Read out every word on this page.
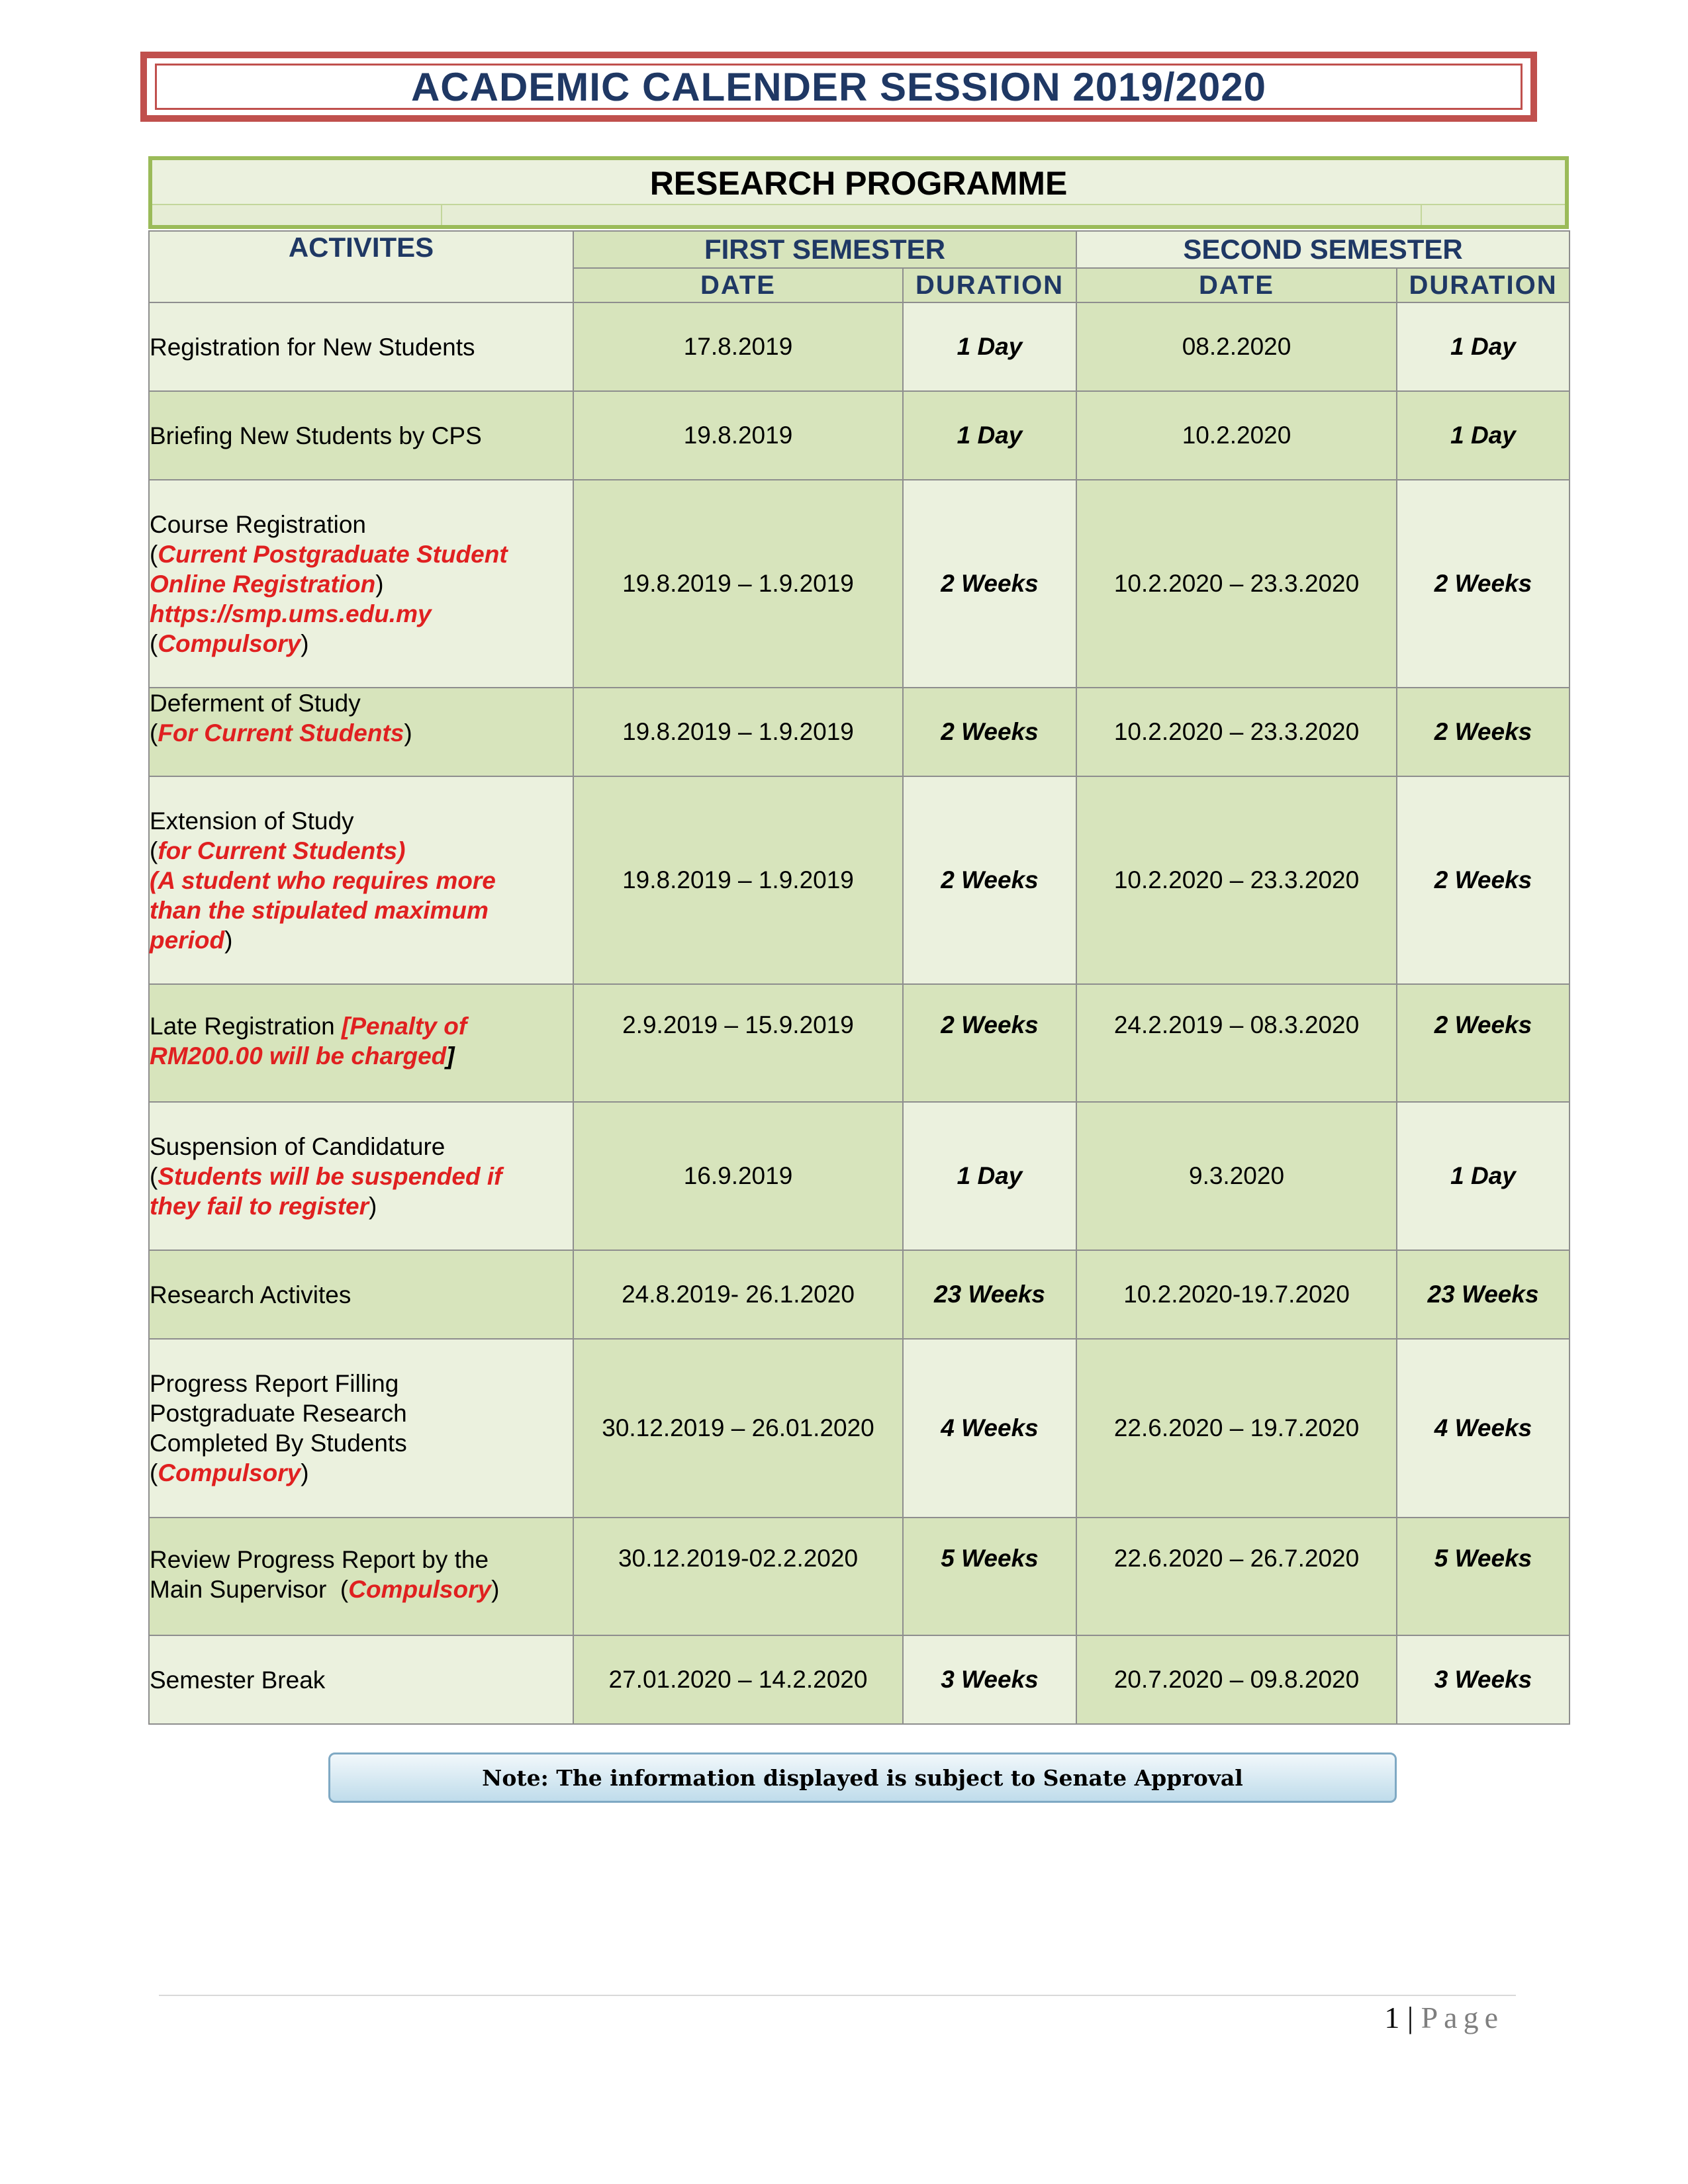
ACADEMIC CALENDER SESSION 2019/2020
RESEARCH PROGRAMME
ACTIVITES	FIRST SEMESTER		SECOND SEMESTER	
	DATE	DURATION	DATE	DURATION
Registration for New Students	17.8.2019	1 Day	08.2.2020	1 Day
Briefing New Students by CPS	19.8.2019	1 Day	10.2.2020	1 Day

Course Registration
(Current Postgraduate Student
Online Registration)
https://smp.ums.edu.my
(Compulsory)	19.8.2019 – 1.9.2019	2 Weeks	10.2.2020 – 23.3.2020	2 Weeks

Deferment of Study
(For Current Students)	19.8.2019 – 1.9.2019	2 Weeks	10.2.2020 – 23.3.2020	2 Weeks

Extension of Study
(for Current Students)
(A student who requires more
than the stipulated maximum
period)	19.8.2019 – 1.9.2019	2 Weeks	10.2.2020 – 23.3.2020	2 Weeks

Late Registration [Penalty of
RM200.00 will be charged]	2.9.2019 – 15.9.2019	2 Weeks	24.2.2019 – 08.3.2020	2 Weeks

Suspension of Candidature
(Students will be suspended if
they fail to register)	16.9.2019	1 Day	9.3.2020	1 Day
Research Activites	24.8.2019- 26.1.2020	23 Weeks	10.2.2020-19.7.2020	23 Weeks

Progress Report Filling
Postgraduate Research
Completed By Students
(Compulsory)	30.12.2019 – 26.01.2020	4 Weeks	22.6.2020 – 19.7.2020	4 Weeks

Review Progress Report by the
Main Supervisor  (Compulsory)	30.12.2019-02.2.2020	5 Weeks	22.6.2020 – 26.7.2020	5 Weeks
Semester Break	27.01.2020 – 14.2.2020	3 Weeks	20.7.2020 – 09.8.2020	3 Weeks
Note: The information displayed is subject to Senate Approval
1 | Page
